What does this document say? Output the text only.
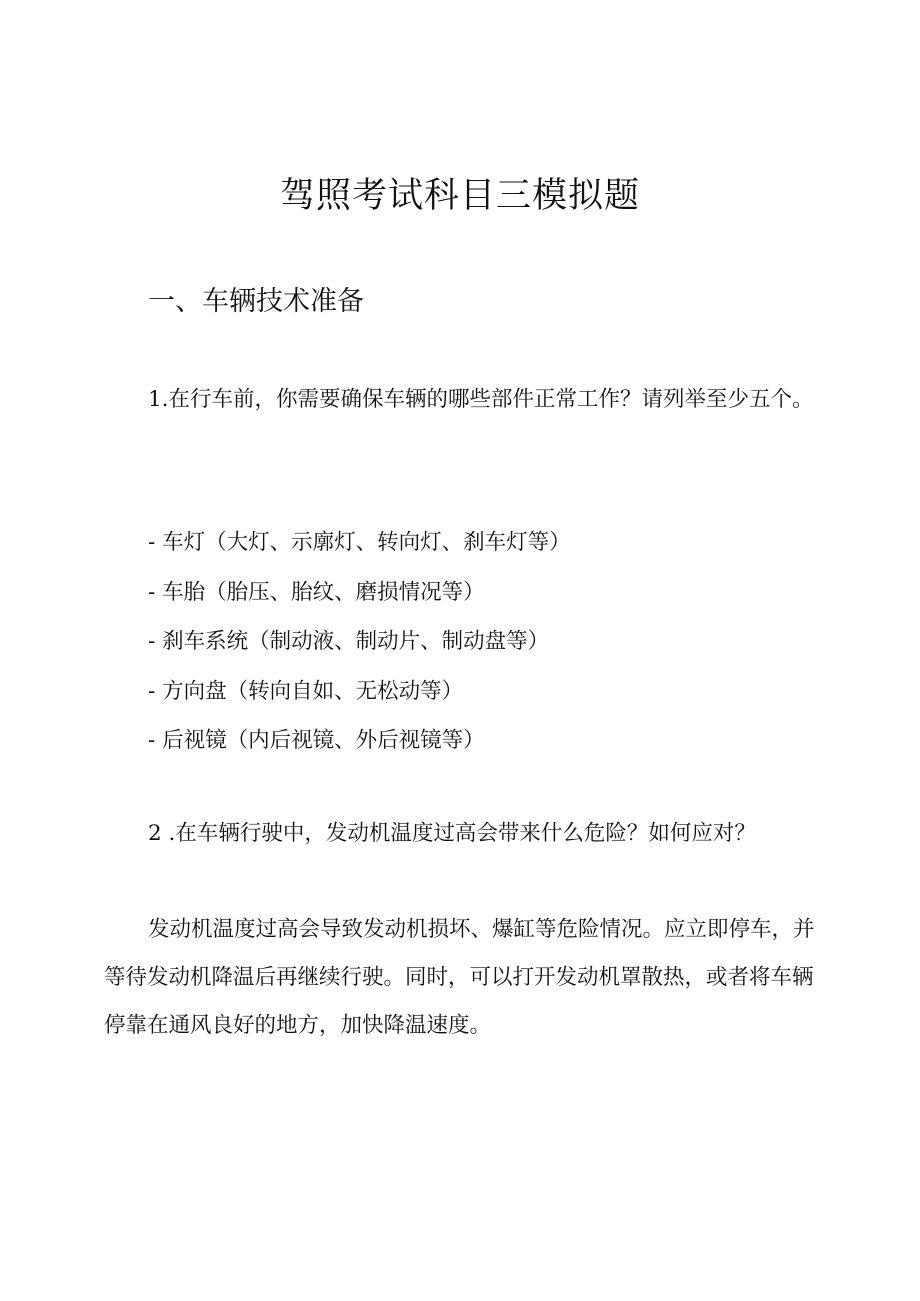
驾照考试科目三模拟题
一、车辆技术准备

1.在行车前，你需要确保车辆的哪些部件正常工作？请列举至少五个。

- 车灯（大灯、示廓灯、转向灯、刹车灯等）
- 车胎（胎压、胎纹、磨损情况等）
- 刹车系统（制动液、制动片、制动盘等）
- 方向盘（转向自如、无松动等）
- 后视镜（内后视镜、外后视镜等）

2 .在车辆行驶中，发动机温度过高会带来什么危险？如何应对？

发动机温度过高会导致发动机损坏、爆缸等危险情况。应立即停车，并等待发动机降温后再继续行驶。同时，可以打开发动机罩散热，或者将车辆停靠在通风良好的地方，加快降温速度。
